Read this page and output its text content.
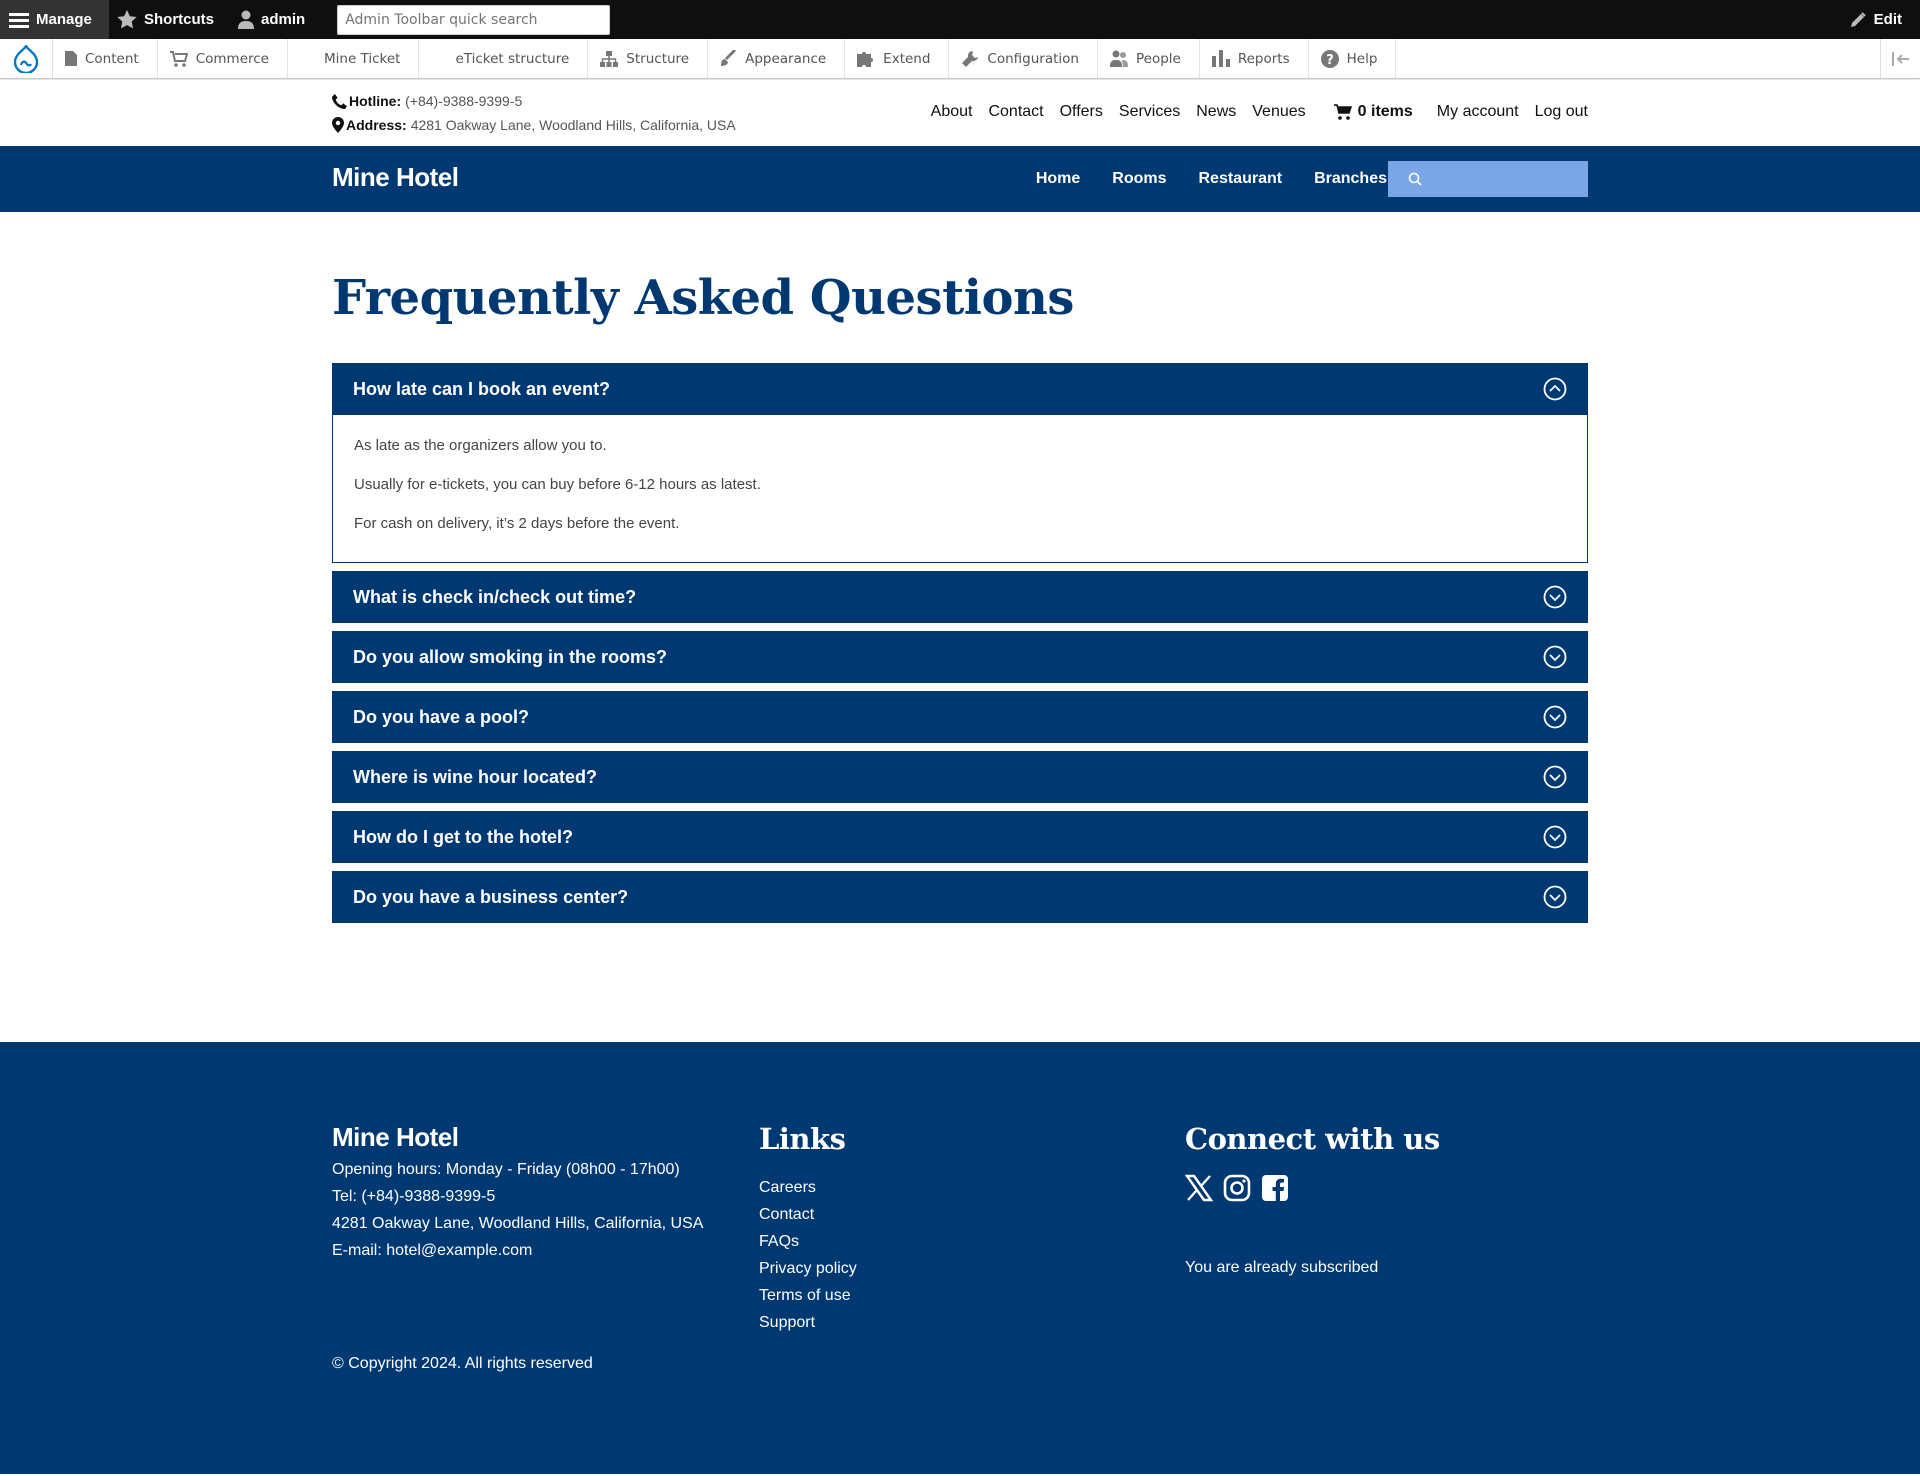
Manage	Shortcuts	admin
Admin Toolbar quick search	Edit
Content	Commerce	Mine Ticket	eTicket structure	Structure	Appearance	Extend	Configuration	People	Reports	? Help
Hotline: (+84)-9388-9399-5
Address: 4281 Oakway Lane, Woodland Hills, California, USA
About Contact Offers Services News Venues	0 items My account Log out
Mine Hotel	Home Rooms Restaurant Branches
Frequently Asked Questions
How late can I book an event?

As late as the organizers allow you to.

Usually for e-tickets, you can buy before 6-12 hours as latest.

For cash on delivery, it’s 2 days before the event.

What is check in/check out time?
Do you allow smoking in the rooms?
Do you have a pool?
Where is wine hour located?
How do I get to the hotel?
Do you have a business center?
Mine Hotel
Opening hours: Monday - Friday (08h00 - 17h00)
Tel: (+84)-9388-9399-5
4281 Oakway Lane, Woodland Hills, California, USA
E-mail: hotel@example.com
Links
Careers
Contact
FAQs
Privacy policy
Terms of use
Support
Connect with us
You are already subscribed
© Copyright 2024. All rights reserved
